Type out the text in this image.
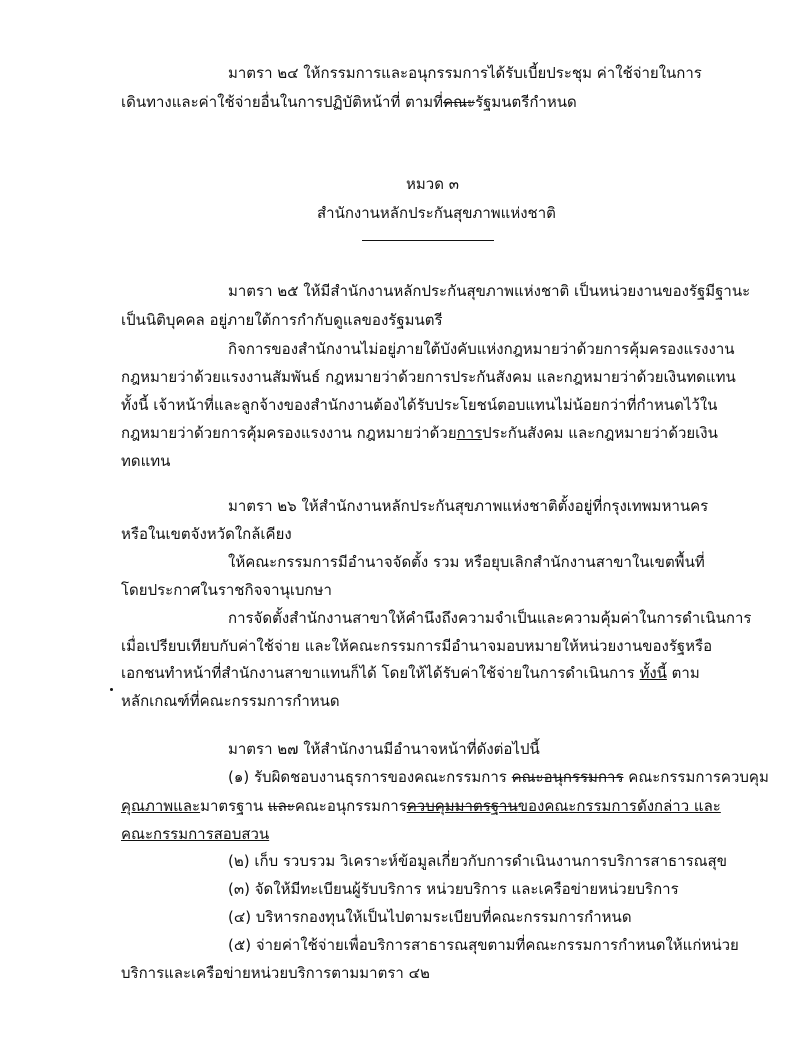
มาตรา ๒๔ ให้กรรมการและอนุกรรมการได้รับเบี้ยประชุม ค่าใช้จ่ายในการ
เดินทางและค่าใช้จ่ายอื่นในการปฏิบัติหน้าที่ ตามที่คณะรัฐมนตรีกำหนด
หมวด ๓
สำนักงานหลักประกันสุขภาพแห่งชาติ
มาตรา ๒๕ ให้มีสำนักงานหลักประกันสุขภาพแห่งชาติ เป็นหน่วยงานของรัฐมีฐานะ
เป็นนิติบุคคล อยู่ภายใต้การกำกับดูแลของรัฐมนตรี
กิจการของสำนักงานไม่อยู่ภายใต้บังคับแห่งกฎหมายว่าด้วยการคุ้มครองแรงงาน
กฎหมายว่าด้วยแรงงานสัมพันธ์ กฎหมายว่าด้วยการประกันสังคม และกฎหมายว่าด้วยเงินทดแทน
ทั้งนี้ เจ้าหน้าที่และลูกจ้างของสำนักงานต้องได้รับประโยชน์ตอบแทนไม่น้อยกว่าที่กำหนดไว้ใน
กฎหมายว่าด้วยการคุ้มครองแรงงาน กฎหมายว่าด้วยการประกันสังคม และกฎหมายว่าด้วยเงิน
ทดแทน
มาตรา ๒๖ ให้สำนักงานหลักประกันสุขภาพแห่งชาติตั้งอยู่ที่กรุงเทพมหานคร
หรือในเขตจังหวัดใกล้เคียง
ให้คณะกรรมการมีอำนาจจัดตั้ง รวม หรือยุบเลิกสำนักงานสาขาในเขตพื้นที่
โดยประกาศในราชกิจจานุเบกษา
การจัดตั้งสำนักงานสาขาให้คำนึงถึงความจำเป็นและความคุ้มค่าในการดำเนินการ
เมื่อเปรียบเทียบกับค่าใช้จ่าย และให้คณะกรรมการมีอำนาจมอบหมายให้หน่วยงานของรัฐหรือ
เอกชนทำหน้าที่สำนักงานสาขาแทนก็ได้ โดยให้ได้รับค่าใช้จ่ายในการดำเนินการ ทั้งนี้ ตาม
หลักเกณฑ์ที่คณะกรรมการกำหนด
มาตรา ๒๗ ให้สำนักงานมีอำนาจหน้าที่ดังต่อไปนี้
(๑) รับผิดชอบงานธุรการของคณะกรรมการ คณะอนุกรรมการ คณะกรรมการควบคุม
คุณภาพและมาตรฐาน และคณะอนุกรรมการควบคุมมาตรฐานของคณะกรรมการดังกล่าว และ
คณะกรรมการสอบสวน
(๒) เก็บ รวบรวม วิเคราะห์ข้อมูลเกี่ยวกับการดำเนินงานการบริการสาธารณสุข
(๓) จัดให้มีทะเบียนผู้รับบริการ หน่วยบริการ และเครือข่ายหน่วยบริการ
(๔) บริหารกองทุนให้เป็นไปตามระเบียบที่คณะกรรมการกำหนด
(๕) จ่ายค่าใช้จ่ายเพื่อบริการสาธารณสุขตามที่คณะกรรมการกำหนดให้แก่หน่วย
บริการและเครือข่ายหน่วยบริการตามมาตรา ๔๒
